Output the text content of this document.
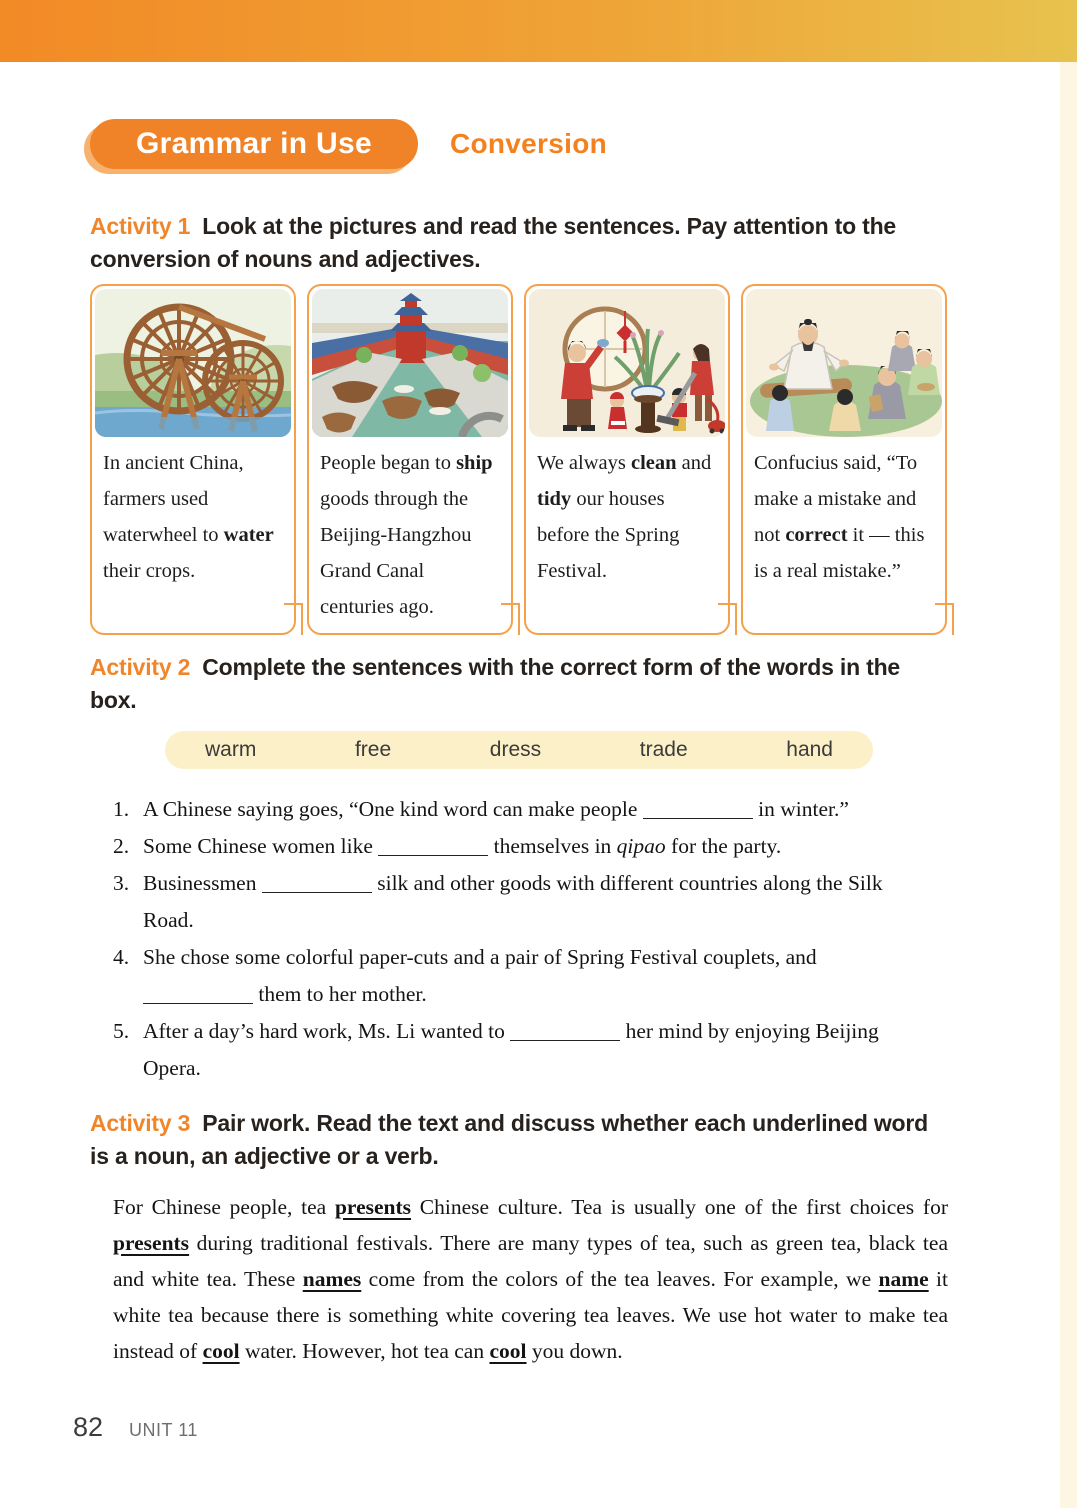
Grammar in Use	Conversion
Activity 1 Look at the pictures and read the sentences. Pay attention to the conversion of nouns and adjectives.
In ancient China, farmers used waterwheel to water their crops.
People began to ship goods through the Beijing-Hangzhou Grand Canal centuries ago.
We always clean and tidy our houses before the Spring Festival.
Confucius said, “To make a mistake and not correct it — this is a real mistake.”
Activity 2 Complete the sentences with the correct form of the words in the box.
warm	free	dress	trade	hand
1. A Chinese saying goes, “One kind word can make people	in winter.”
2. Some Chinese women like	themselves in qipao for the party.
3. Businessmen	silk and other goods with different countries along the Silk Road.
4. She chose some colorful paper-cuts and a pair of Spring Festival couplets, and  them to her mother.
5. After a day’s hard work, Ms. Li wanted to	her mind by enjoying Beijing Opera.
Activity 3 Pair work. Read the text and discuss whether each underlined word is a noun, an adjective or a verb.
For Chinese people, tea presents Chinese culture. Tea is usually one of the first choices for presents during traditional festivals. There are many types of tea, such as green tea, black tea and white tea. These names come from the colors of the tea leaves. For example, we name it white tea because there is something white covering tea leaves. We use hot water to make tea instead of cool water. However, hot tea can cool you down.
82 UNIT 11
